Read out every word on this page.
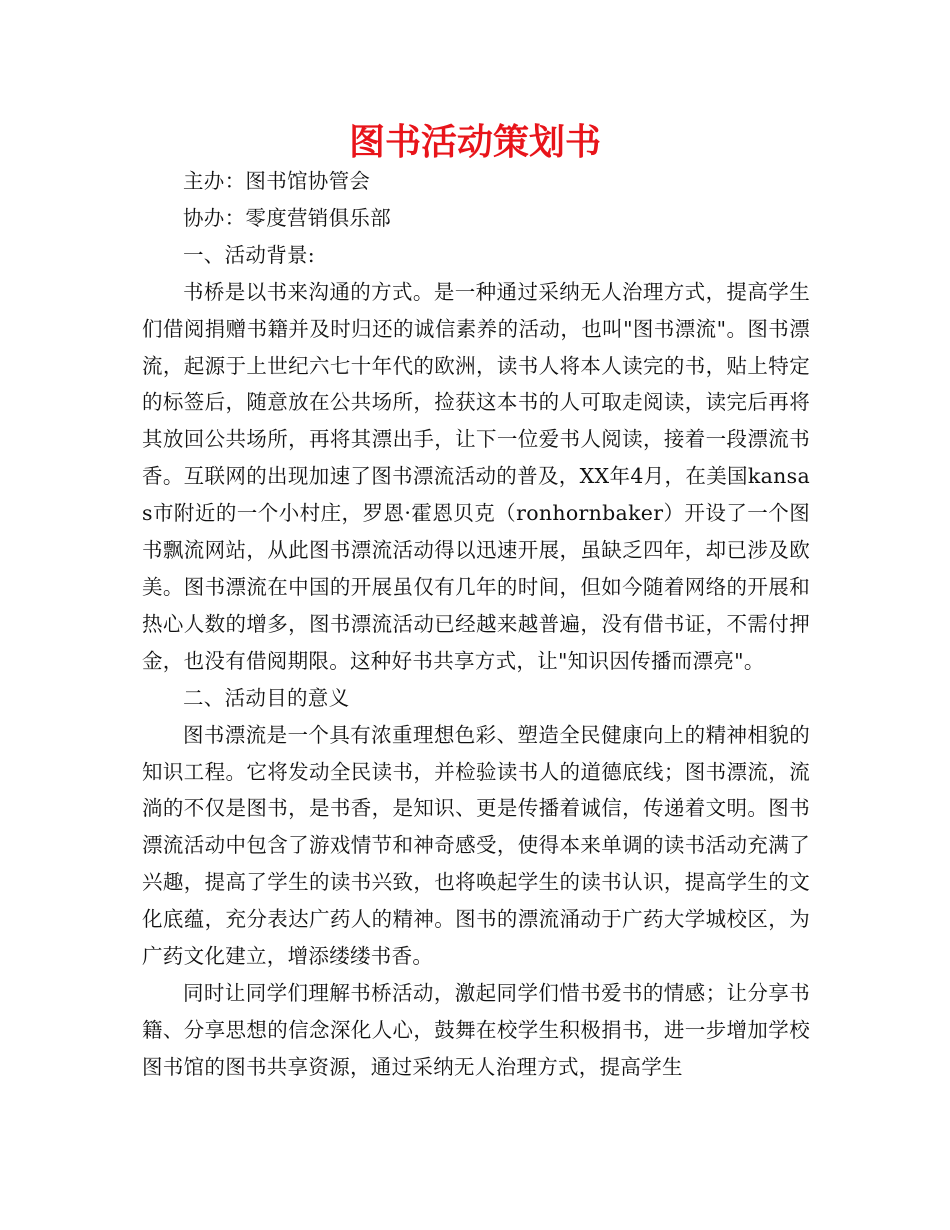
图书活动策划书

主办：图书馆协管会

协办：零度营销俱乐部

一、活动背景:

书桥是以书来沟通的方式。是一种通过采纳无人治理方式，提高学生们借阅捐赠书籍并及时归还的诚信素养的活动，也叫"图书漂流"。图书漂流，起源于上世纪六七十年代的欧洲，读书人将本人读完的书，贴上特定的标签后，随意放在公共场所，捡获这本书的人可取走阅读，读完后再将其放回公共场所，再将其漂出手，让下一位爱书人阅读，接着一段漂流书香。互联网的出现加速了图书漂流活动的普及，XX年4月，在美国kansas市附近的一个小村庄，罗恩·霍恩贝克（ronhornbaker）开设了一个图书飘流网站，从此图书漂流活动得以迅速开展，虽缺乏四年，却已涉及欧美。图书漂流在中国的开展虽仅有几年的时间，但如今随着网络的开展和热心人数的增多，图书漂流活动已经越来越普遍，没有借书证，不需付押金，也没有借阅期限。这种好书共享方式，让"知识因传播而漂亮"。

二、活动目的意义

图书漂流是一个具有浓重理想色彩、塑造全民健康向上的精神相貌的知识工程。它将发动全民读书，并检验读书人的道德底线；图书漂流，流淌的不仅是图书，是书香，是知识、更是传播着诚信，传递着文明。图书漂流活动中包含了游戏情节和神奇感受，使得本来单调的读书活动充满了兴趣，提高了学生的读书兴致，也将唤起学生的读书认识，提高学生的文化底蕴，充分表达广药人的精神。图书的漂流涌动于广药大学城校区，为广药文化建立，增添缕缕书香。

同时让同学们理解书桥活动，激起同学们惜书爱书的情感；让分享书籍、分享思想的信念深化人心，鼓舞在校学生积极捐书，进一步增加学校图书馆的图书共享资源，通过采纳无人治理方式，提高学生
